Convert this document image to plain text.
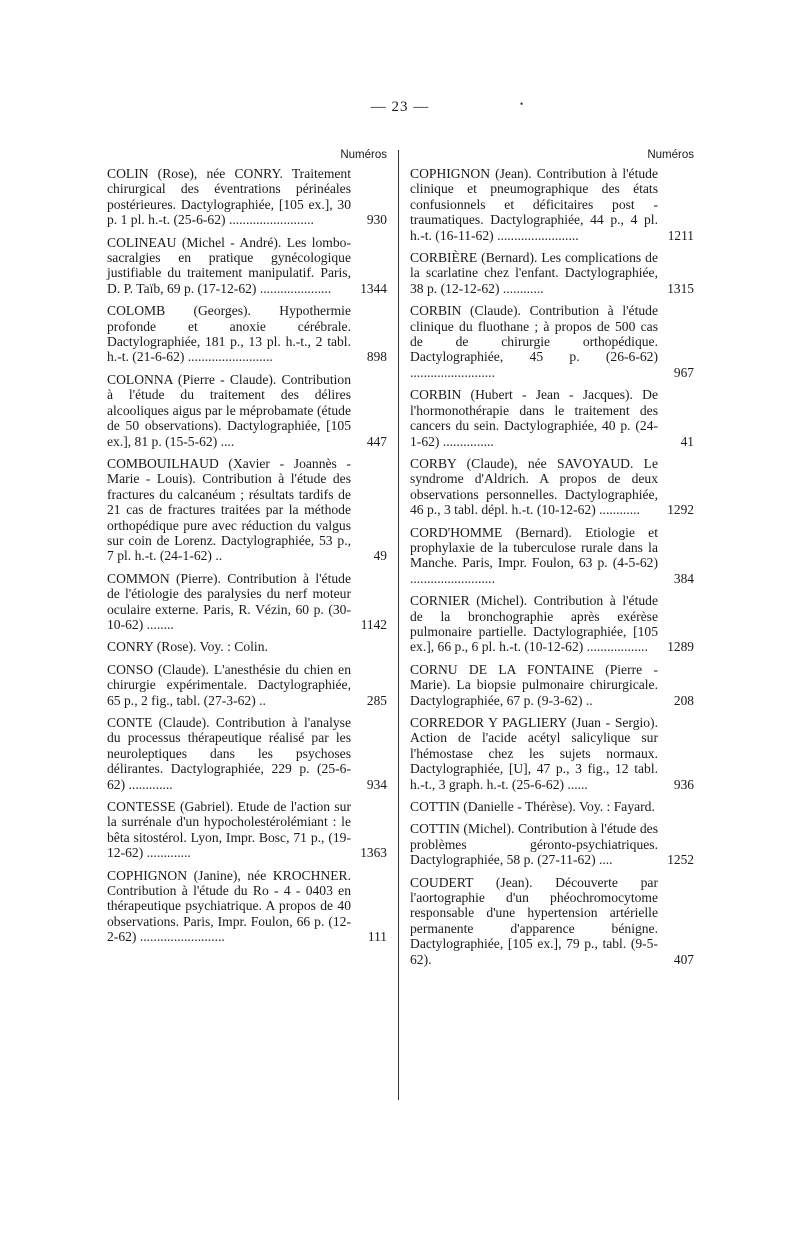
— 23 —	•
Numéros
COLIN (Rose), née CONRY. Traitement chirurgical des éventrations périnéales postérieures. Dactylographiée, [105 ex.], 30 p. 1 pl. h.-t. (25-6-62) .........................	930
COLINEAU (Michel - André). Les lombo-sacralgies en pratique gynécologique justifiable du traitement manipulatif. Paris, D. P. Taïb, 69 p. (17-12-62) .....................	1344
COLOMB (Georges). Hypothermie profonde et anoxie cérébrale. Dactylographiée, 181 p., 13 pl. h.-t., 2 tabl. h.-t. (21-6-62) .........................	898
COLONNA (Pierre - Claude). Contribution à l'étude du traitement des délires alcooliques aigus par le méprobamate (étude de 50 observations). Dactylographiée, [105 ex.], 81 p. (15-5-62) ....	447
COMBOUILHAUD (Xavier - Joannès - Marie - Louis). Contribution à l'étude des fractures du calcanéum ; résultats tardifs de 21 cas de fractures traitées par la méthode orthopédique pure avec réduction du valgus sur coin de Lorenz. Dactylographiée, 53 p., 7 pl. h.-t. (24-1-62) ..	49
COMMON (Pierre). Contribution à l'étude de l'étiologie des paralysies du nerf moteur oculaire externe. Paris, R. Vézin, 60 p. (30-10-62) ........	1142
CONRY (Rose). Voy. : Colin.
CONSO (Claude). L'anesthésie du chien en chirurgie expérimentale. Dactylographiée, 65 p., 2 fig., tabl. (27-3-62) ..	285
CONTE (Claude). Contribution à l'analyse du processus thérapeutique réalisé par les neuroleptiques dans les psychoses délirantes. Dactylographiée, 229 p. (25-6-62) .............	934
CONTESSE (Gabriel). Etude de l'action sur la surrénale d'un hypocholestérolémiant : le bêta sitostérol. Lyon, Impr. Bosc, 71 p., (19-12-62) .............	1363
COPHIGNON (Janine), née KROCHNER. Contribution à l'étude du Ro - 4 - 0403 en thérapeutique psychiatrique. A propos de 40 observations. Paris, Impr. Foulon, 66 p. (12-2-62) .........................	111
Numéros
COPHIGNON (Jean). Contribution à l'étude clinique et pneumographique des états confusionnels et déficitaires post - traumatiques. Dactylographiée, 44 p., 4 pl. h.-t. (16-11-62) ........................	1211
CORBIÈRE (Bernard). Les complications de la scarlatine chez l'enfant. Dactylographiée, 38 p. (12-12-62) ............	1315
CORBIN (Claude). Contribution à l'étude clinique du fluothane ; à propos de 500 cas de de chirurgie orthopédique. Dactylographiée, 45 p. (26-6-62) .........................	967
CORBIN (Hubert - Jean - Jacques). De l'hormonothérapie dans le traitement des cancers du sein. Dactylographiée, 40 p. (24-1-62) ...............	41
CORBY (Claude), née SAVOYAUD. Le syndrome d'Aldrich. A propos de deux observations personnelles. Dactylographiée, 46 p., 3 tabl. dépl. h.-t. (10-12-62) ............	1292
CORD'HOMME (Bernard). Etiologie et prophylaxie de la tuberculose rurale dans la Manche. Paris, Impr. Foulon, 63 p. (4-5-62) .........................	384
CORNIER (Michel). Contribution à l'étude de la bronchographie après exérèse pulmonaire partielle. Dactylographiée, [105 ex.], 66 p., 6 pl. h.-t. (10-12-62) ..................	1289
CORNU DE LA FONTAINE (Pierre - Marie). La biopsie pulmonaire chirurgicale. Dactylographiée, 67 p. (9-3-62) ..	208
CORREDOR Y PAGLIERY (Juan - Sergio). Action de l'acide acétyl salicylique sur l'hémostase chez les sujets normaux. Dactylographiée, [U], 47 p., 3 fig., 12 tabl. h.-t., 3 graph. h.-t. (25-6-62) ......	936
COTTIN (Danielle - Thérèse). Voy. : Fayard.
COTTIN (Michel). Contribution à l'étude des problèmes géronto-psychiatriques. Dactylographiée, 58 p. (27-11-62) ....	1252
COUDERT (Jean). Découverte par l'aortographie d'un phéochromocytome responsable d'une hypertension artérielle permanente d'apparence bénigne. Dactylographiée, [105 ex.], 79 p., tabl. (9-5-62).	407
